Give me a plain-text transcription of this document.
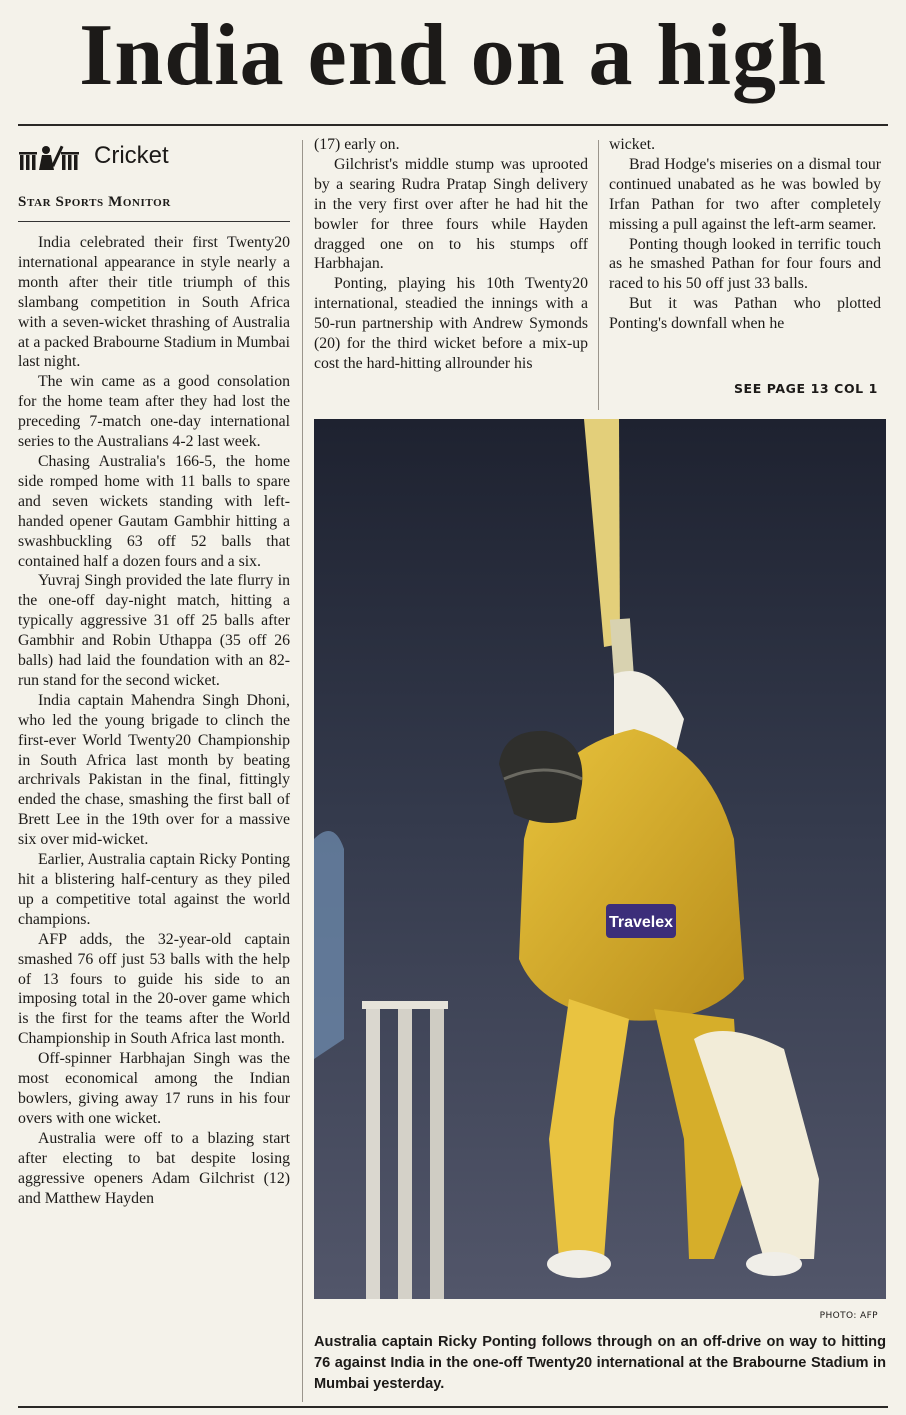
India end on a high
Cricket
Star Sports Monitor

India celebrated their first Twenty20 international appearance in style nearly a month after their title triumph of this slambang competition in South Africa with a seven-wicket thrashing of Australia at a packed Brabourne Stadium in Mumbai last night.

The win came as a good consolation for the home team after they had lost the preceding 7-match one-day international series to the Australians 4-2 last week.

Chasing Australia's 166-5, the home side romped home with 11 balls to spare and seven wickets standing with left-handed opener Gautam Gambhir hitting a swashbuckling 63 off 52 balls that contained half a dozen fours and a six.

Yuvraj Singh provided the late flurry in the one-off day-night match, hitting a typically aggressive 31 off 25 balls after Gambhir and Robin Uthappa (35 off 26 balls) had laid the foundation with an 82-run stand for the second wicket.

India captain Mahendra Singh Dhoni, who led the young brigade to clinch the first-ever World Twenty20 Championship in South Africa last month by beating archrivals Pakistan in the final, fittingly ended the chase, smashing the first ball of Brett Lee in the 19th over for a massive six over mid-wicket.

Earlier, Australia captain Ricky Ponting hit a blistering half-century as they piled up a competitive total against the world champions.

AFP adds, the 32-year-old captain smashed 76 off just 53 balls with the help of 13 fours to guide his side to an imposing total in the 20-over game which is the first for the teams after the World Championship in South Africa last month.

Off-spinner Harbhajan Singh was the most economical among the Indian bowlers, giving away 17 runs in his four overs with one wicket.

Australia were off to a blazing start after electing to bat despite losing aggressive openers Adam Gilchrist (12) and Matthew Hayden

(17) early on.

Gilchrist's middle stump was uprooted by a searing Rudra Pratap Singh delivery in the very first over after he had hit the bowler for three fours while Hayden dragged one on to his stumps off Harbhajan.

Ponting, playing his 10th Twenty20 international, steadied the innings with a 50-run partnership with Andrew Symonds (20) for the third wicket before a mix-up cost the hard-hitting allrounder his

wicket.

Brad Hodge's miseries on a dismal tour continued unabated as he was bowled by Irfan Pathan for two after completely missing a pull against the left-arm seamer.

Ponting though looked in terrific touch as he smashed Pathan for four fours and raced to his 50 off just 33 balls.

But it was Pathan who plotted Ponting's downfall when he

SEE PAGE 13 COL 1
Travelex
PHOTO: AFP
Australia captain Ricky Ponting follows through on an off-drive on way to hitting 76 against India in the one-off Twenty20 international at the Brabourne Stadium in Mumbai yesterday.
